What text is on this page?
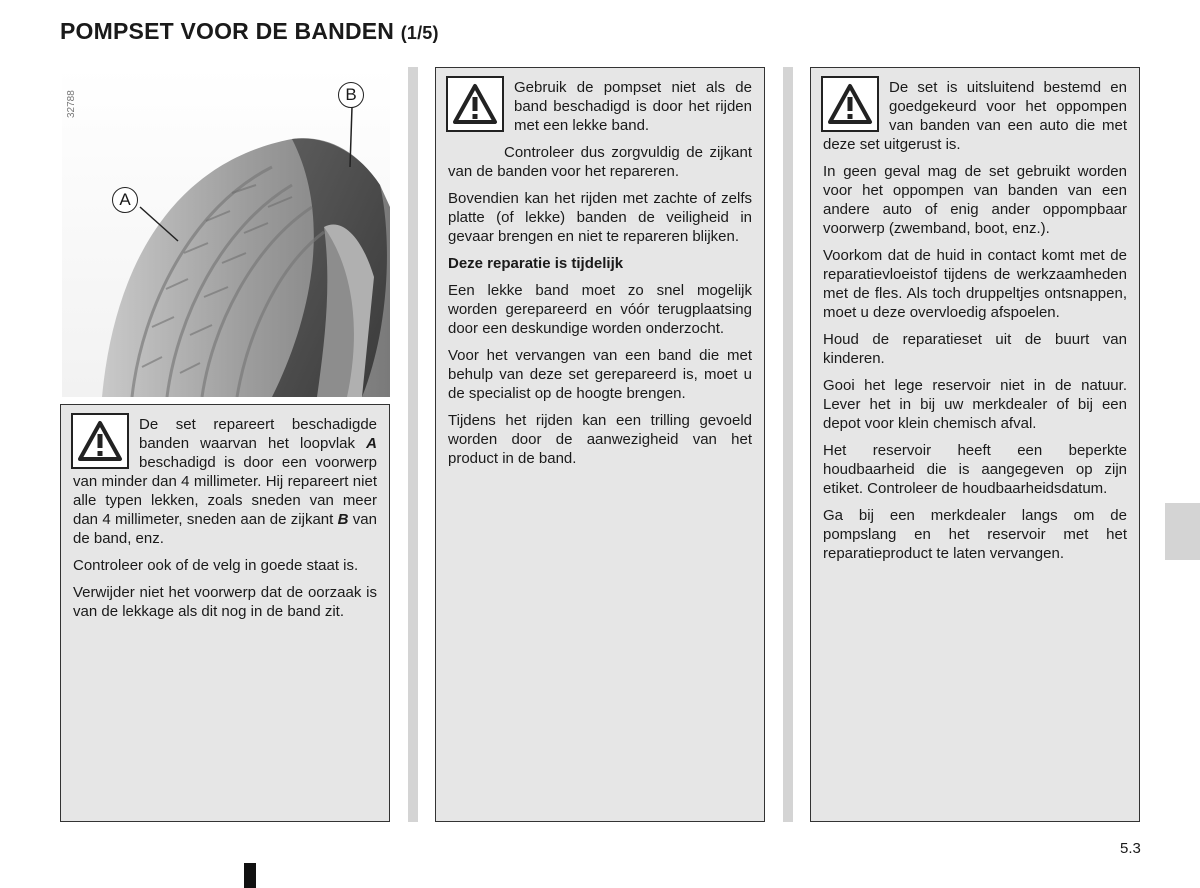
POMPSET VOOR DE BANDEN (1/5)
32788	B
A

De set repareert beschadigde banden waarvan het loopvlak A beschadigd is door een voorwerp van minder dan 4 millimeter. Hij repareert niet alle typen lekken, zoals sneden van meer dan 4 millimeter, sneden aan de zijkant B van de band, enz.

Controleer ook of de velg in goede staat is.

Verwijder niet het voorwerp dat de oorzaak is van de lekkage als dit nog in de band zit.

Gebruik de pompset niet als de band beschadigd is door het rijden met een lekke band.

Controleer dus zorgvuldig de zijkant van de banden voor het repareren.

Bovendien kan het rijden met zachte of zelfs platte (of lekke) banden de veiligheid in gevaar brengen en niet te repareren blijken.

Deze reparatie is tijdelijk

Een lekke band moet zo snel mogelijk worden gerepareerd en vóór terugplaatsing door een deskundige worden onderzocht.

Voor het vervangen van een band die met behulp van deze set gerepareerd is, moet u de specialist op de hoogte brengen.

Tijdens het rijden kan een trilling gevoeld worden door de aanwezigheid van het product in de band.

De set is uitsluitend bestemd en goedgekeurd voor het oppompen van banden van een auto die met deze set uitgerust is.

In geen geval mag de set gebruikt worden voor het oppompen van banden van een andere auto of enig ander oppompbaar voorwerp (zwemband, boot, enz.).

Voorkom dat de huid in contact komt met de reparatievloeistof tijdens de werkzaamheden met de fles. Als toch druppeltjes ontsnappen, moet u deze overvloedig afspoelen.

Houd de reparatieset uit de buurt van kinderen.

Gooi het lege reservoir niet in de natuur. Lever het in bij uw merkdealer of bij een depot voor klein chemisch afval.

Het reservoir heeft een beperkte houdbaarheid die is aangegeven op zijn etiket. Controleer de houdbaarheidsdatum.

Ga bij een merkdealer langs om de pompslang en het reservoir met het reparatieproduct te laten vervangen.

5.3
